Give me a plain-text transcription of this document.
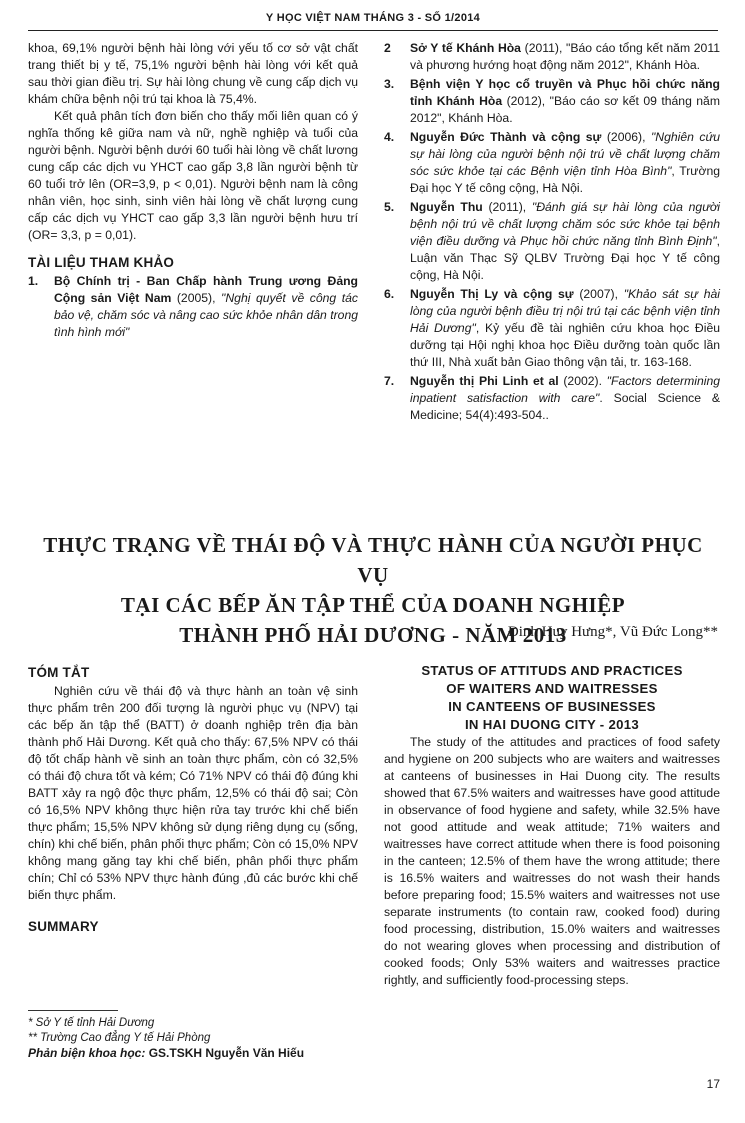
Y HỌC VIỆT NAM THÁNG 3 - SỐ 1/2014

khoa, 69,1% người bệnh hài lòng với yếu tố cơ sở vật chất trang thiết bị y tế, 75,1% người bệnh hài lòng với kết quả sau thời gian điều trị. Sự hài lòng chung về cung cấp dịch vụ khám chữa bệnh nội trú tại khoa là 75,4%.

Kết quả phân tích đơn biến cho thấy mối liên quan có ý nghĩa thống kê giữa nam và nữ, nghề nghiệp và tuổi của người bệnh. Người bệnh dưới 60 tuổi hài lòng về chất lương cung cấp các dịch vu YHCT cao gấp 3,8 lần người bệnh từ 60 tuổi trở lên (OR=3,9, p < 0,01). Người bệnh nam là công nhân viên, học sinh, sinh viên hài lòng về chất lượng cung cấp các dịch vụ YHCT cao gấp 3,3 lần người bệnh hưu trí (OR= 3,3, p = 0,01).

TÀI LIỆU THAM KHẢO
1.	Bộ Chính trị - Ban Chấp hành Trung ương Đảng Cộng sản Việt Nam (2005), "Nghị quyết về công tác bảo vệ, chăm sóc và nâng cao sức khỏe nhân dân trong tình hình mới"
2	Sở Y tế Khánh Hòa (2011), "Báo cáo tổng kết năm 2011 và phương hướng hoạt động năm 2012", Khánh Hòa.
3.	Bệnh viện Y học cổ truyền và Phục hồi chức năng tỉnh Khánh Hòa (2012), "Báo cáo sơ kết 09 tháng năm 2012", Khánh Hòa.
4.	Nguyễn Đức Thành và cộng sự (2006), "Nghiên cứu sự hài lòng của người bệnh nội trú về chất lượng chăm sóc sức khỏe tại các Bệnh viện tỉnh Hòa Bình", Trường Đại học Y tế công cộng, Hà Nội.
5.	Nguyễn Thu (2011), "Đánh giá sự hài lòng của người bệnh nội trú về chất lượng chăm sóc sức khỏe tại bệnh viện điều dưỡng và Phục hồi chức năng tỉnh Bình Định", Luận văn Thạc Sỹ QLBV Trường Đại học Y tế công cộng, Hà Nội.
6.	Nguyễn Thị Ly và cộng sự (2007), "Khảo sát sự hài lòng của người bệnh điều trị nội trú tại các bệnh viện tỉnh Hải Dương", Kỷ yếu đề tài nghiên cứu khoa học Điều dưỡng tại Hội nghị khoa học Điều dưỡng toàn quốc lần thứ III, Nhà xuất bản Giao thông vận tải, tr. 163-168.
7.	Nguyễn thị Phi Linh et al (2002). "Factors determining inpatient satisfaction with care". Social Science & Medicine; 54(4):493-504..
THỰC TRẠNG VỀ THÁI ĐỘ VÀ THỰC HÀNH CỦA NGƯỜI PHỤC VỤ
TẠI CÁC BẾP ĂN TẬP THỂ CỦA DOANH NGHIỆP
THÀNH PHỐ HẢI DƯƠNG - NĂM 2013
Đinh Huy Hưng*, Vũ Đức Long**
TÓM TẮT

Nghiên cứu về thái độ và thực hành an toàn vệ sinh thực phẩm trên 200 đối tượng là người phục vụ (NPV) tại các bếp ăn tập thể (BATT) ở doanh nghiệp trên địa bàn thành phố Hải Dương. Kết quả cho thấy: 67,5% NPV có thái độ tốt chấp hành về sinh an toàn thực phẩm, còn có 32,5% có thái độ chưa tốt và kém; Có 71% NPV có thái độ đúng khi BATT xảy ra ngộ độc thực phẩm, 12,5% có thái độ sai; Còn có 16,5% NPV không thực hiện rửa tay trước khi chế biến thực phẩm; 15,5% NPV không sử dụng riêng dụng cụ (sống, chín) khi chế biến, phân phối thực phẩm; Còn có 15,0% NPV không mang găng tay khi chế biến, phân phối thực phẩm chín; Chỉ có 53% NPV thực hành đúng ,đủ các bước khi chế biến thực phẩm.

SUMMARY
STATUS OF ATTITUDS AND PRACTICES
OF WAITERS AND WAITRESSES
IN CANTEENS OF BUSINESSES
IN HAI DUONG CITY - 2013

The study of the attitudes and practices of food safety and hygiene on 200 subjects who are waiters and waitresses at canteens of businesses in Hai Duong city. The results showed that 67.5% waiters and waitresses have good attitude in observance of food hygiene and safety, while 32.5% have not good attitude and weak attitude; 71% waiters and waitresses have correct attitude when there is food poisoning in the canteen; 12.5% of them have the wrong attitude; there is 16.5% waiters and waitresses do not wash their hands before preparing food; 15.5% waiters and waitresses not use separate instruments (to contain raw, cooked food) during food processing, distribution, 15.0% waiters and waitresses do not wearing gloves when processing and distribution of cooked foods; Only 53% waiters and waitresses practice rightly, and sufficiently food-processing steps.

* Sở Y tế tỉnh Hải Dương
** Trường Cao đẳng Y tế Hải Phòng
Phản biện khoa học: GS.TSKH Nguyễn Văn Hiếu
17
